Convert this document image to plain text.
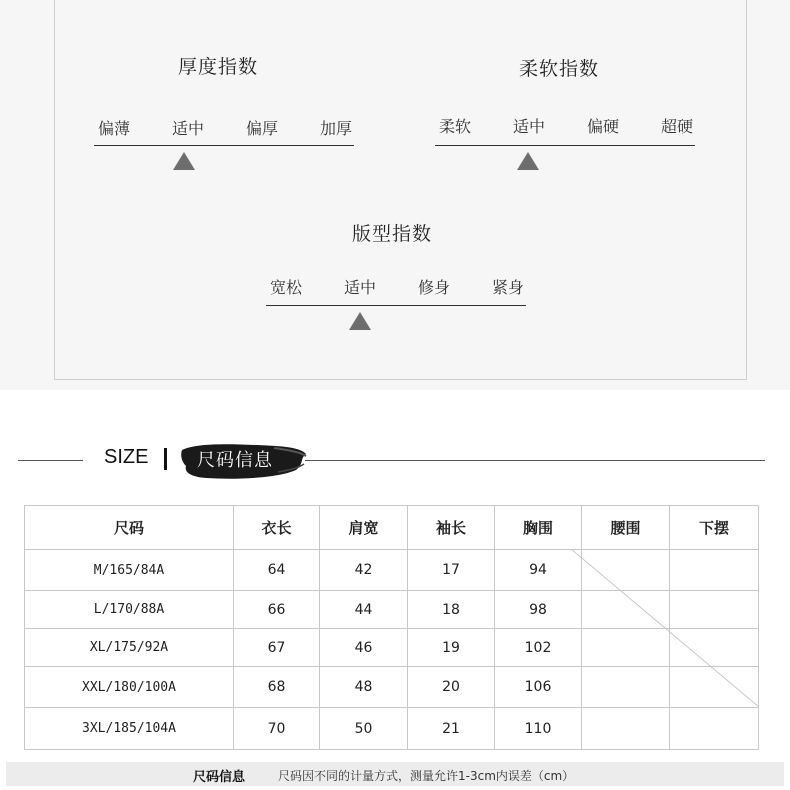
厚度指数
偏薄	适中	偏厚	加厚
柔软指数
柔软	适中	偏硬	超硬
版型指数
宽松	适中	修身	紧身
SIZE	尺码信息
尺码	衣长	肩宽	袖长	胸围	腰围	下摆
M/165/84A	64	42	17	94		
L/170/88A	66	44	18	98		
XL/175/92A	67	46	19	102		
XXL/180/100A	68	48	20	106		
3XL/185/104A	70	50	21	110		
尺码信息	尺码因不同的计量方式，测量允许1-3cm内误差（cm）
